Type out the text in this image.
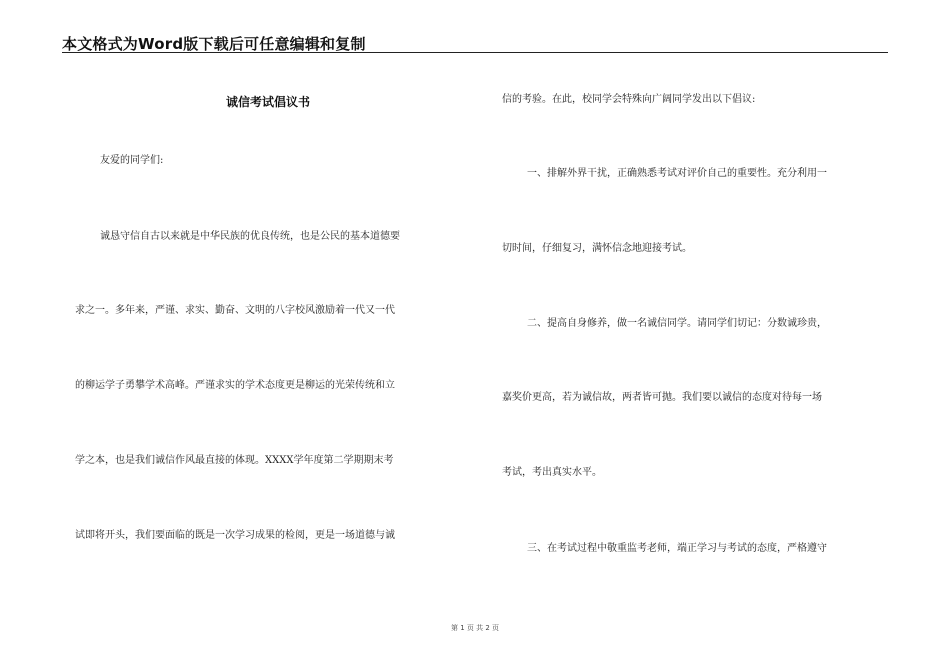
本文格式为Word版下载后可任意编辑和复制
诚信考试倡议书
友爱的同学们:
诚恳守信自古以来就是中华民族的优良传统，也是公民的基本道德要
求之一。多年来，严谨、求实、勤奋、文明的八字校风激励着一代又一代
的柳运学子勇攀学术高峰。严谨求实的学术态度更是柳运的光荣传统和立
学之本，也是我们诚信作风最直接的体现。XXXX学年度第二学期期末考
试即将开头，我们要面临的既是一次学习成果的检阅，更是一场道德与诚
信的考验。在此，校同学会特殊向广阔同学发出以下倡议:
一、排解外界干扰，正确熟悉考试对评价自己的重要性。充分利用一
切时间，仔细复习，满怀信念地迎接考试。
二、提高自身修养，做一名诚信同学。请同学们切记：分数诚珍贵，
嘉奖价更高，若为诚信故，两者皆可抛。我们要以诚信的态度对待每一场
考试，考出真实水平。
三、在考试过程中敬重监考老师，端正学习与考试的态度，严格遵守
第 1 页 共 2 页
